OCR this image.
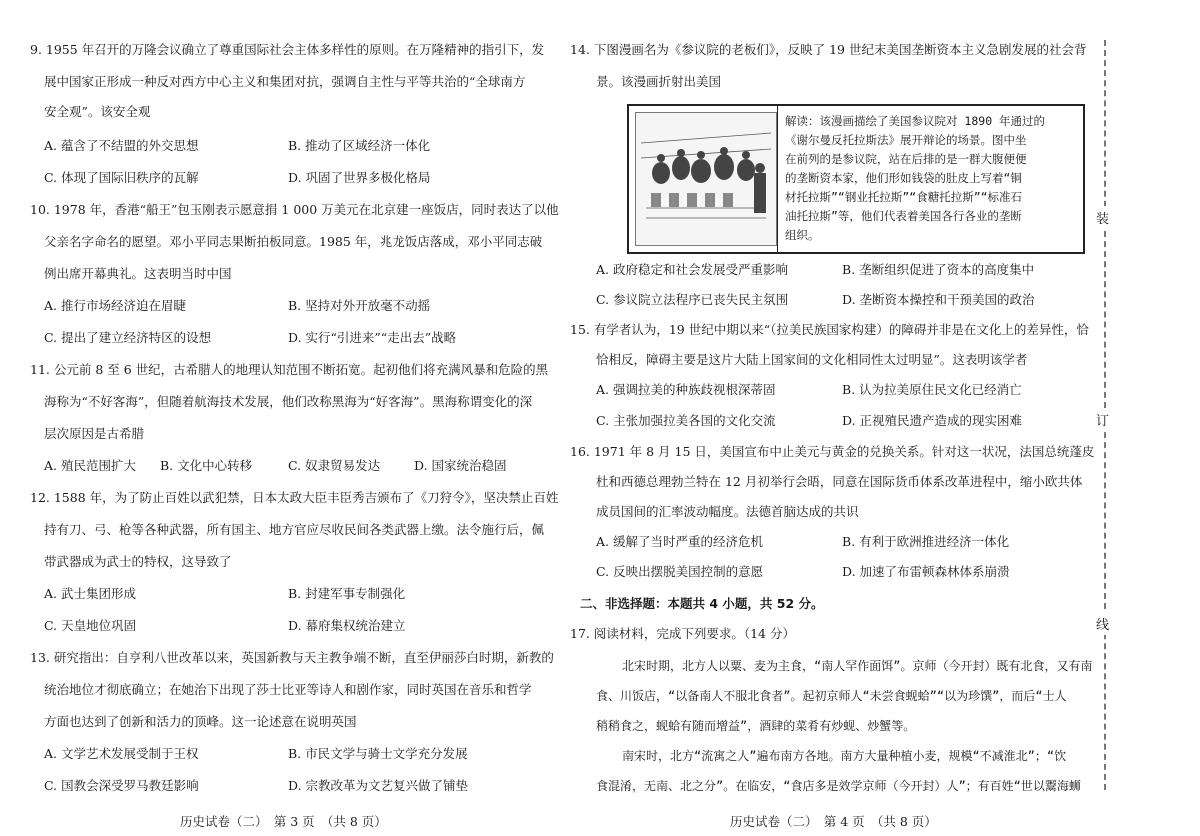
9. 1955 年召开的万隆会议确立了尊重国际社会主体多样性的原则。在万隆精神的指引下，发
展中国家正形成一种反对西方中心主义和集团对抗，强调自主性与平等共治的“全球南方
安全观”。该安全观
A. 蕴含了不结盟的外交思想	B. 推动了区域经济一体化
C. 体现了国际旧秩序的瓦解	D. 巩固了世界多极化格局
10. 1978 年，香港“船王”包玉刚表示愿意捐 1 000 万美元在北京建一座饭店，同时表达了以他
父亲名字命名的愿望。邓小平同志果断拍板同意。1985 年，兆龙饭店落成，邓小平同志破
例出席开幕典礼。这表明当时中国
A. 推行市场经济迫在眉睫	B. 坚持对外开放毫不动摇
C. 提出了建立经济特区的设想	D. 实行“引进来”“走出去”战略
11. 公元前 8 至 6 世纪，古希腊人的地理认知范围不断拓宽。起初他们将充满风暴和危险的黑
海称为“不好客海”，但随着航海技术发展，他们改称黑海为“好客海”。黑海称谓变化的深
层次原因是古希腊
A. 殖民范围扩大 B. 文化中心转移	C. 奴隶贸易发达	D. 国家统治稳固
12. 1588 年，为了防止百姓以武犯禁，日本太政大臣丰臣秀吉颁布了《刀狩令》，坚决禁止百姓
持有刀、弓、枪等各种武器，所有国主、地方官应尽收民间各类武器上缴。法令施行后，佩
带武器成为武士的特权，这导致了
A. 武士集团形成	B. 封建军事专制强化
C. 天皇地位巩固	D. 幕府集权统治建立
13. 研究指出：自亨利八世改革以来，英国新教与天主教争端不断，直至伊丽莎白时期，新教的
统治地位才彻底确立；在她治下出现了莎士比亚等诗人和剧作家，同时英国在音乐和哲学
方面也达到了创新和活力的顶峰。这一论述意在说明英国
A. 文学艺术发展受制于王权	B. 市民文学与骑士文学充分发展
C. 国教会深受罗马教廷影响	D. 宗教改革为文艺复兴做了铺垫
历史试卷（二）　第 3 页　（共 8 页）
14. 下图漫画名为《参议院的老板们》，反映了 19 世纪末美国垄断资本主义急剧发展的社会背
景。该漫画折射出美国
解读：该漫画描绘了美国参议院对 1890 年通过的
《谢尔曼反托拉斯法》展开辩论的场景。图中坐
在前列的是参议院，站在后排的是一群大腹便便
的垄断资本家，他们形如钱袋的肚皮上写着“铜
材托拉斯”“钢业托拉斯”“食糖托拉斯”“标准石
油托拉斯”等，他们代表着美国各行各业的垄断
组织。
A. 政府稳定和社会发展受严重影响	B. 垄断组织促进了资本的高度集中
C. 参议院立法程序已丧失民主氛围	D. 垄断资本操控和干预美国的政治
15. 有学者认为，19 世纪中期以来“（拉美民族国家构建）的障碍并非是在文化上的差异性，恰
恰相反，障碍主要是这片大陆上国家间的文化相同性太过明显”。这表明该学者
A. 强调拉美的种族歧视根深蒂固	B. 认为拉美原住民文化已经消亡
C. 主张加强拉美各国的文化交流	D. 正视殖民遗产造成的现实困难
16. 1971 年 8 月 15 日，美国宣布中止美元与黄金的兑换关系。针对这一状况，法国总统蓬皮
杜和西德总理勃兰特在 12 月初举行会晤，同意在国际货币体系改革进程中，缩小欧共体
成员国间的汇率波动幅度。法德首脑达成的共识
A. 缓解了当时严重的经济危机	B. 有利于欧洲推进经济一体化
C. 反映出摆脱美国控制的意愿	D. 加速了布雷顿森林体系崩溃
二、非选择题：本题共 4 小题，共 52 分。
17. 阅读材料，完成下列要求。（14 分）
北宋时期，北方人以粟、麦为主食，“南人罕作面饵”。京师（今开封）既有北食，又有南
食、川饭店，“以备南人不服北食者”。起初京师人“未尝食蚬蛤”“以为珍馔”，而后“士人
稍稍食之，蚬蛤有随而增益”，酒肆的菜肴有炒蚬、炒蟹等。
南宋时，北方“流寓之人”遍布南方各地。南方大量种植小麦，规模“不减淮北”；“饮
食混淆，无南、北之分”。在临安，“食店多是效学京师（今开封）人”；有百姓“世以鬻海蛳
历史试卷（二）　第 4 页　（共 8 页）
装
订
线
